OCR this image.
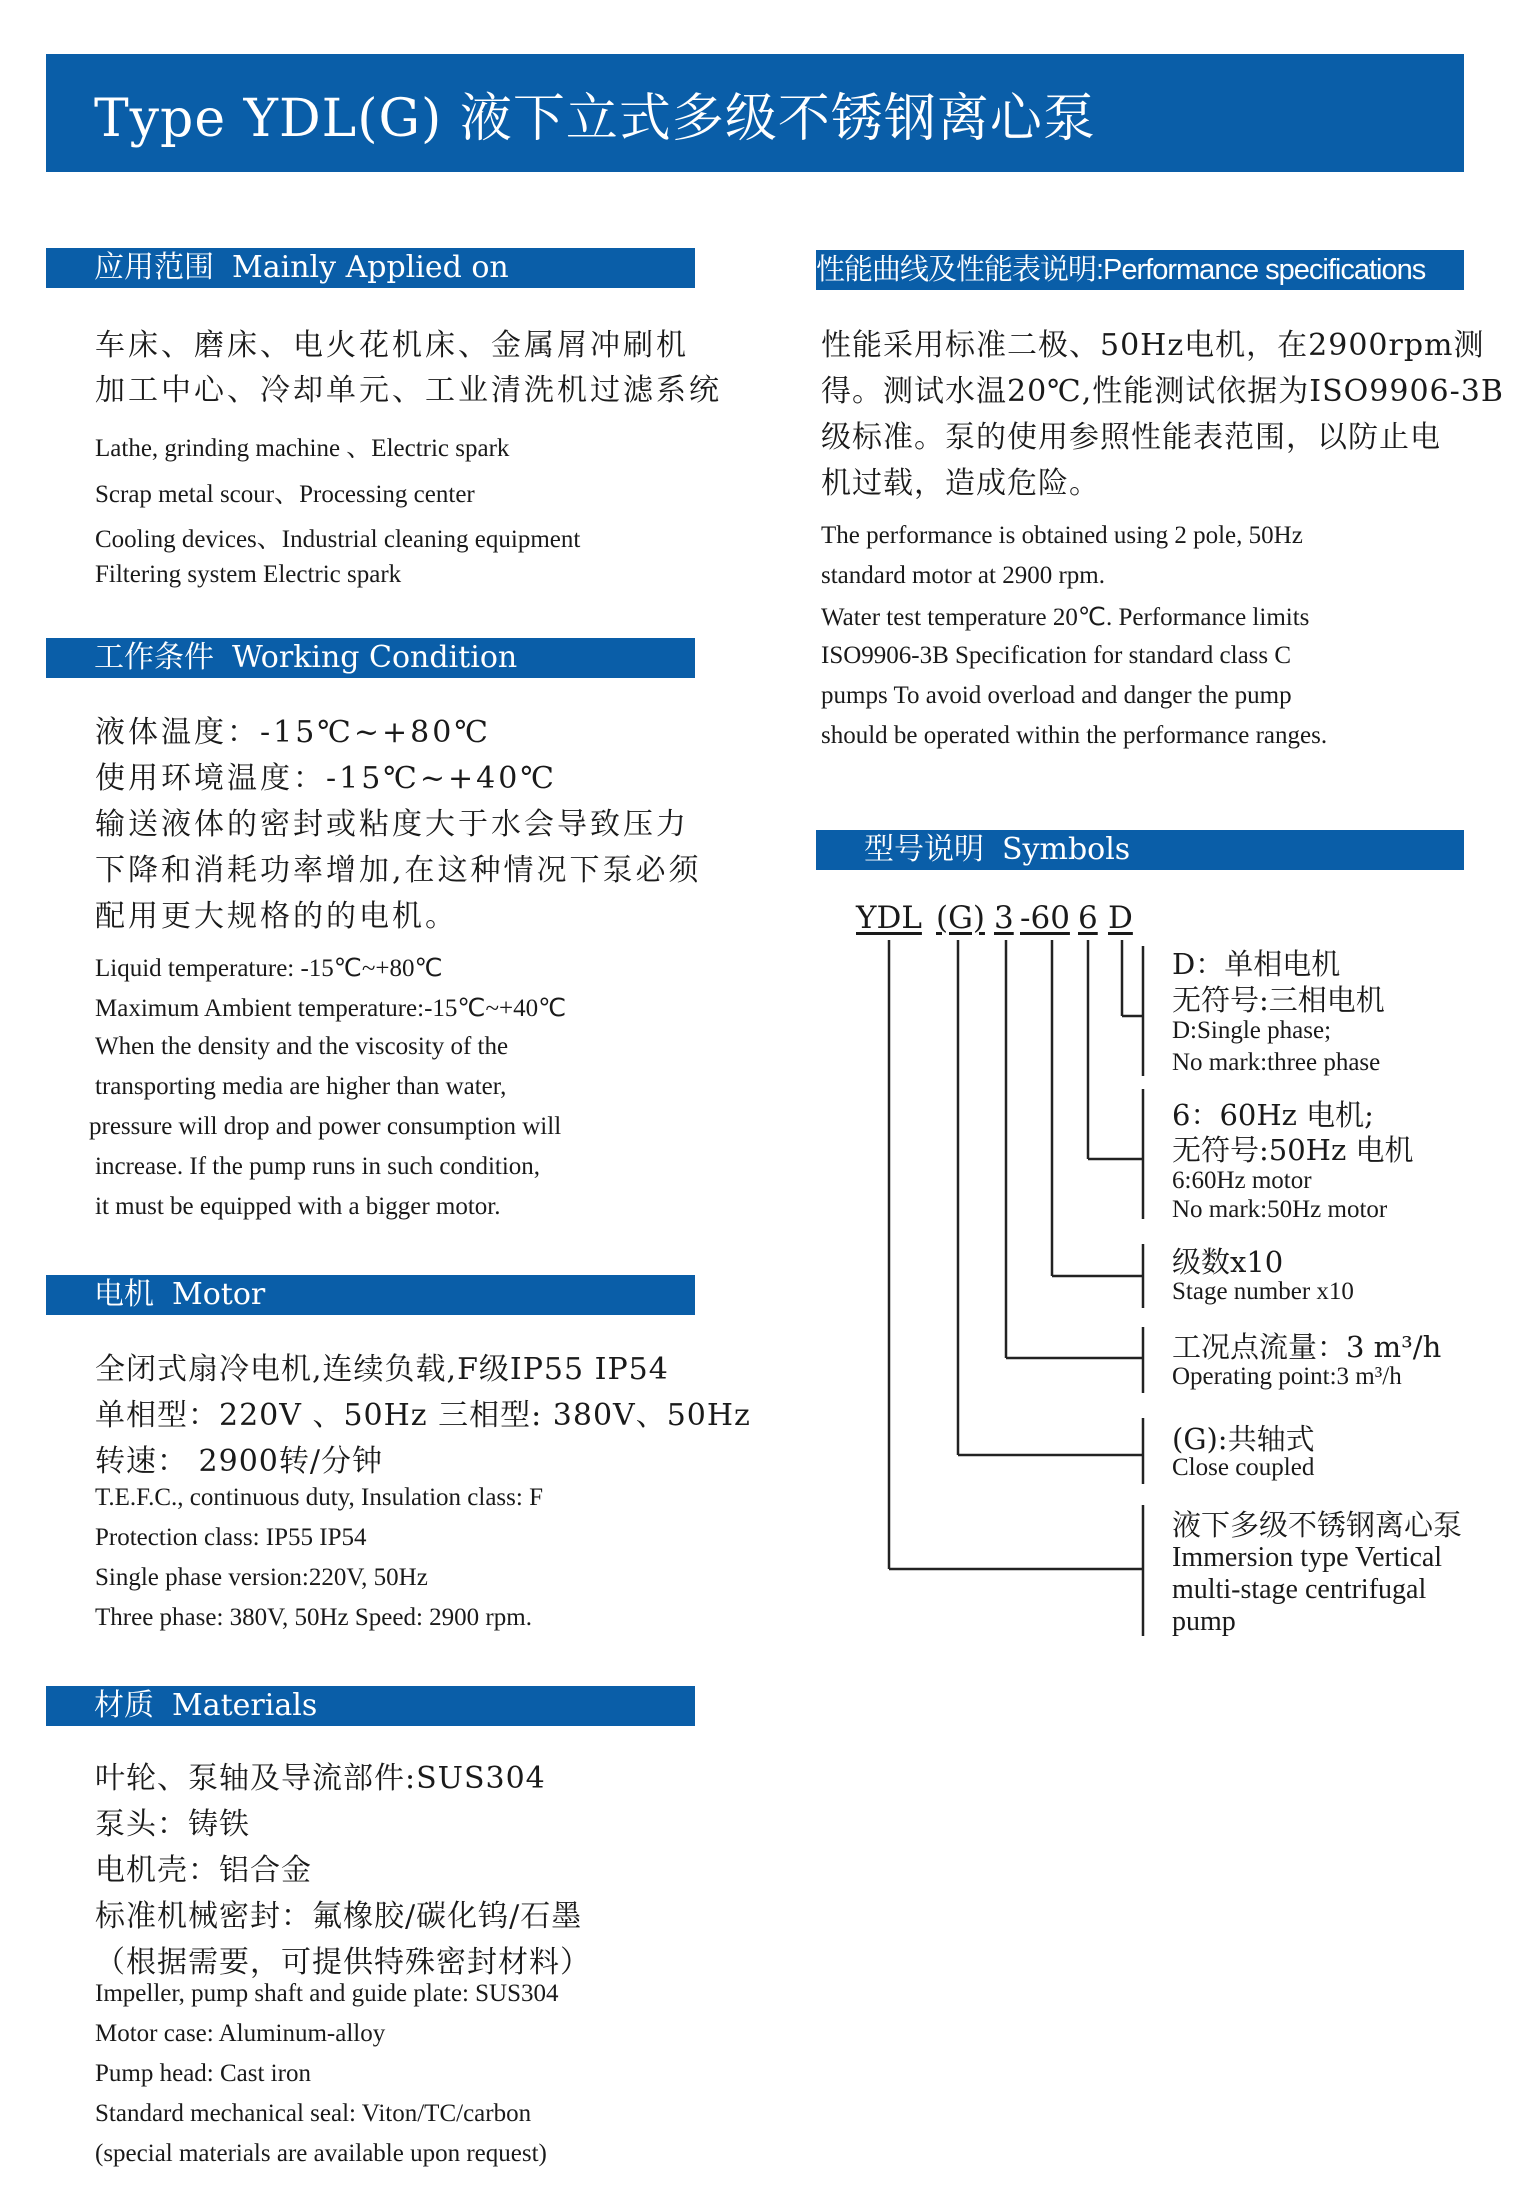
Type YDL(G) 液下立式多级不锈钢离心泵
应用范围 Mainly Applied on
车床、磨床、电火花机床、金属屑冲刷机
加工中心、冷却单元、工业清洗机过滤系统
Lathe, grinding machine 、Electric spark
Scrap metal scour、Processing center
Cooling devices、Industrial cleaning equipment
Filtering system Electric spark
工作条件 Working Condition
液体温度：-15℃~+80℃
使用环境温度：-15℃~+40℃
输送液体的密封或粘度大于水会导致压力
下降和消耗功率增加,在这种情况下泵必须
配用更大规格的的电机。
Liquid temperature: -15℃~+80℃
Maximum Ambient temperature:-15℃~+40℃
When the density and the viscosity of the
transporting media are higher than water,
pressure will drop and power consumption will
increase. If the pump runs in such condition,
it must be equipped with a bigger motor.
电机 Motor
全闭式扇冷电机,连续负载,F级IP55 IP54
单相型：220V 、50Hz 三相型: 380V、50Hz
转速： 2900转/分钟
T.E.F.C., continuous duty, Insulation class: F
Protection class: IP55 IP54
Single phase version:220V, 50Hz
Three phase: 380V, 50Hz Speed: 2900 rpm.
材质 Materials
叶轮、泵轴及导流部件:SUS304
泵头：铸铁
电机壳：铝合金
标准机械密封：氟橡胶/碳化钨/石墨
（根据需要，可提供特殊密封材料）
Impeller, pump shaft and guide plate: SUS304
Motor case: Aluminum-alloy
Pump head: Cast iron
Standard mechanical seal: Viton/TC/carbon
(special materials are available upon request)
性能曲线及性能表说明:Performance specifications
性能采用标准二极、50Hz电机，在2900rpm测
得。测试水温20℃,性能测试依据为ISO9906-3B
级标准。泵的使用参照性能表范围，以防止电
机过载，造成危险。
The performance is obtained using 2 pole, 50Hz
standard motor at 2900 rpm.
Water test temperature 20℃. Performance limits
ISO9906-3B Specification for standard class C
pumps To avoid overload and danger the pump
should be operated within the performance ranges.
型号说明 Symbols
YDL (G) 3 -60 6 D
D：单相电机
无符号:三相电机
D:Single phase;
No mark:three phase
6：60Hz 电机;
无符号:50Hz 电机
6:60Hz motor
No mark:50Hz motor
级数x10
Stage number x10
工况点流量：3 m³/h
Operating point:3 m³/h
(G):共轴式
Close coupled
液下多级不锈钢离心泵
Immersion type Vertical
multi-stage centrifugal
pump
